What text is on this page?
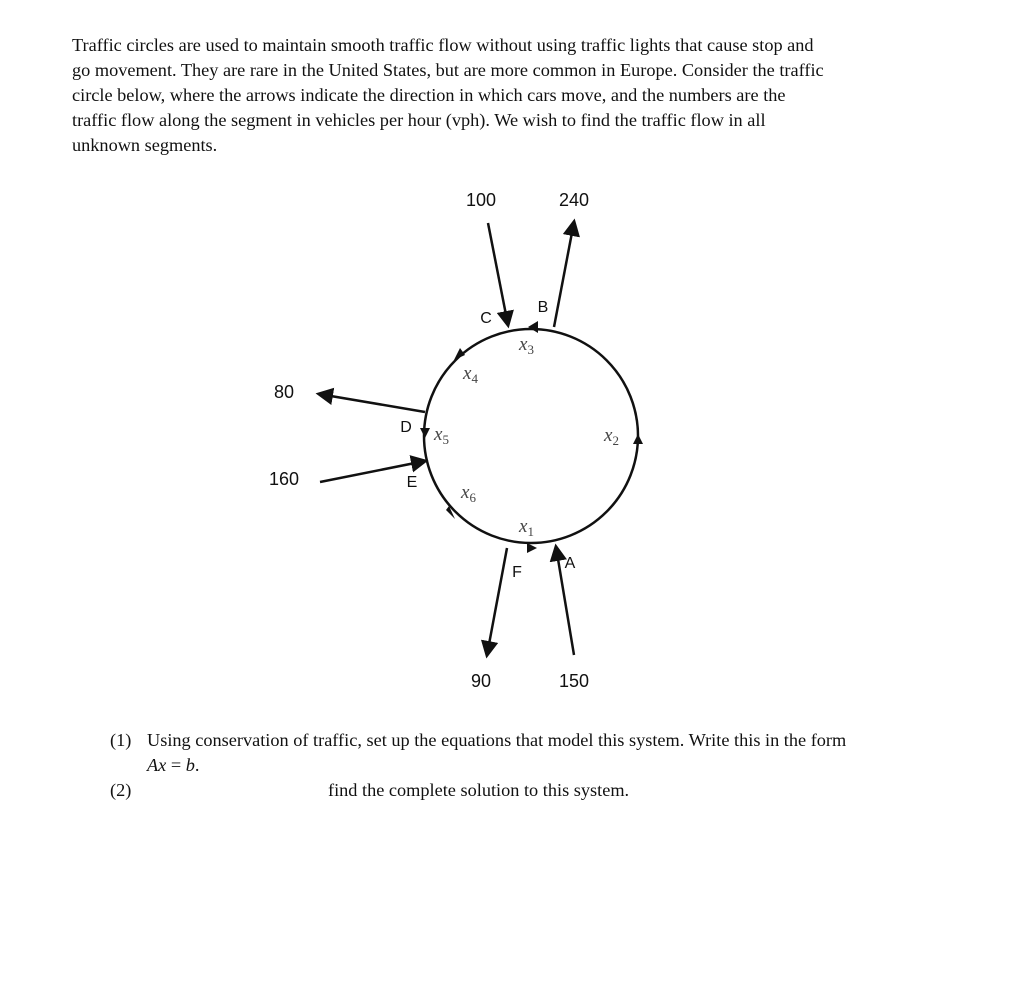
Traffic circles are used to maintain smooth traffic flow without using traffic lights that cause stop and go movement. They are rare in the United States, but are more common in Europe. Consider the traffic circle below, where the arrows indicate the direction in which cars move, and the numbers are the traffic flow along the segment in vehicles per hour (vph). We wish to find the traffic flow in all unknown segments.

100	240
80
160
90	150
C
B
D
E
F
A
$x_1$
$x_2$
$x_3$
$x_4$
$x_5$
$x_6$
(1) Using conservation of traffic, set up the equations that model this system. Write this in the form Ax = b.
(2)	find the complete solution to this system.
